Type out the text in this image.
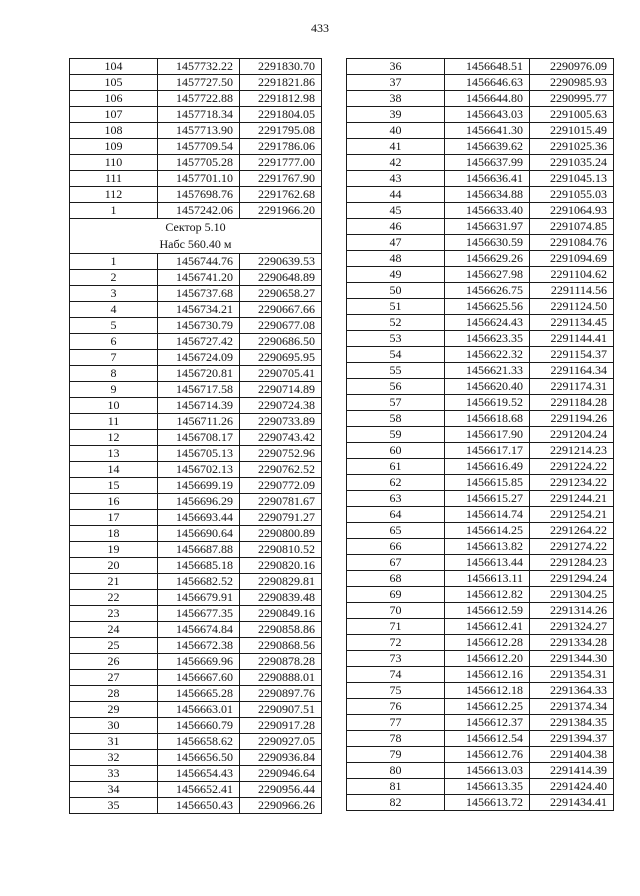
433
104	1457732.22	2291830.70
105	1457727.50	2291821.86
106	1457722.88	2291812.98
107	1457718.34	2291804.05
108	1457713.90	2291795.08
109	1457709.54	2291786.06
110	1457705.28	2291777.00
111	1457701.10	2291767.90
112	1457698.76	2291762.68
1	1457242.06	2291966.20

Сектор 5.10
Набс 560.40 м		

1	1456744.76	2290639.53
2	1456741.20	2290648.89
3	1456737.68	2290658.27
4	1456734.21	2290667.66
5	1456730.79	2290677.08
6	1456727.42	2290686.50
7	1456724.09	2290695.95
8	1456720.81	2290705.41
9	1456717.58	2290714.89
10	1456714.39	2290724.38
11	1456711.26	2290733.89
12	1456708.17	2290743.42
13	1456705.13	2290752.96
14	1456702.13	2290762.52
15	1456699.19	2290772.09
16	1456696.29	2290781.67
17	1456693.44	2290791.27
18	1456690.64	2290800.89
19	1456687.88	2290810.52
20	1456685.18	2290820.16
21	1456682.52	2290829.81
22	1456679.91	2290839.48
23	1456677.35	2290849.16
24	1456674.84	2290858.86
25	1456672.38	2290868.56
26	1456669.96	2290878.28
27	1456667.60	2290888.01
28	1456665.28	2290897.76
29	1456663.01	2290907.51
30	1456660.79	2290917.28
31	1456658.62	2290927.05
32	1456656.50	2290936.84
33	1456654.43	2290946.64
34	1456652.41	2290956.44
35	1456650.43	2290966.26
36	1456648.51	2290976.09
37	1456646.63	2290985.93
38	1456644.80	2290995.77
39	1456643.03	2291005.63
40	1456641.30	2291015.49
41	1456639.62	2291025.36
42	1456637.99	2291035.24
43	1456636.41	2291045.13
44	1456634.88	2291055.03
45	1456633.40	2291064.93
46	1456631.97	2291074.85
47	1456630.59	2291084.76
48	1456629.26	2291094.69
49	1456627.98	2291104.62
50	1456626.75	2291114.56
51	1456625.56	2291124.50
52	1456624.43	2291134.45
53	1456623.35	2291144.41
54	1456622.32	2291154.37
55	1456621.33	2291164.34
56	1456620.40	2291174.31
57	1456619.52	2291184.28
58	1456618.68	2291194.26
59	1456617.90	2291204.24
60	1456617.17	2291214.23
61	1456616.49	2291224.22
62	1456615.85	2291234.22
63	1456615.27	2291244.21
64	1456614.74	2291254.21
65	1456614.25	2291264.22
66	1456613.82	2291274.22
67	1456613.44	2291284.23
68	1456613.11	2291294.24
69	1456612.82	2291304.25
70	1456612.59	2291314.26
71	1456612.41	2291324.27
72	1456612.28	2291334.28
73	1456612.20	2291344.30
74	1456612.16	2291354.31
75	1456612.18	2291364.33
76	1456612.25	2291374.34
77	1456612.37	2291384.35
78	1456612.54	2291394.37
79	1456612.76	2291404.38
80	1456613.03	2291414.39
81	1456613.35	2291424.40
82	1456613.72	2291434.41
